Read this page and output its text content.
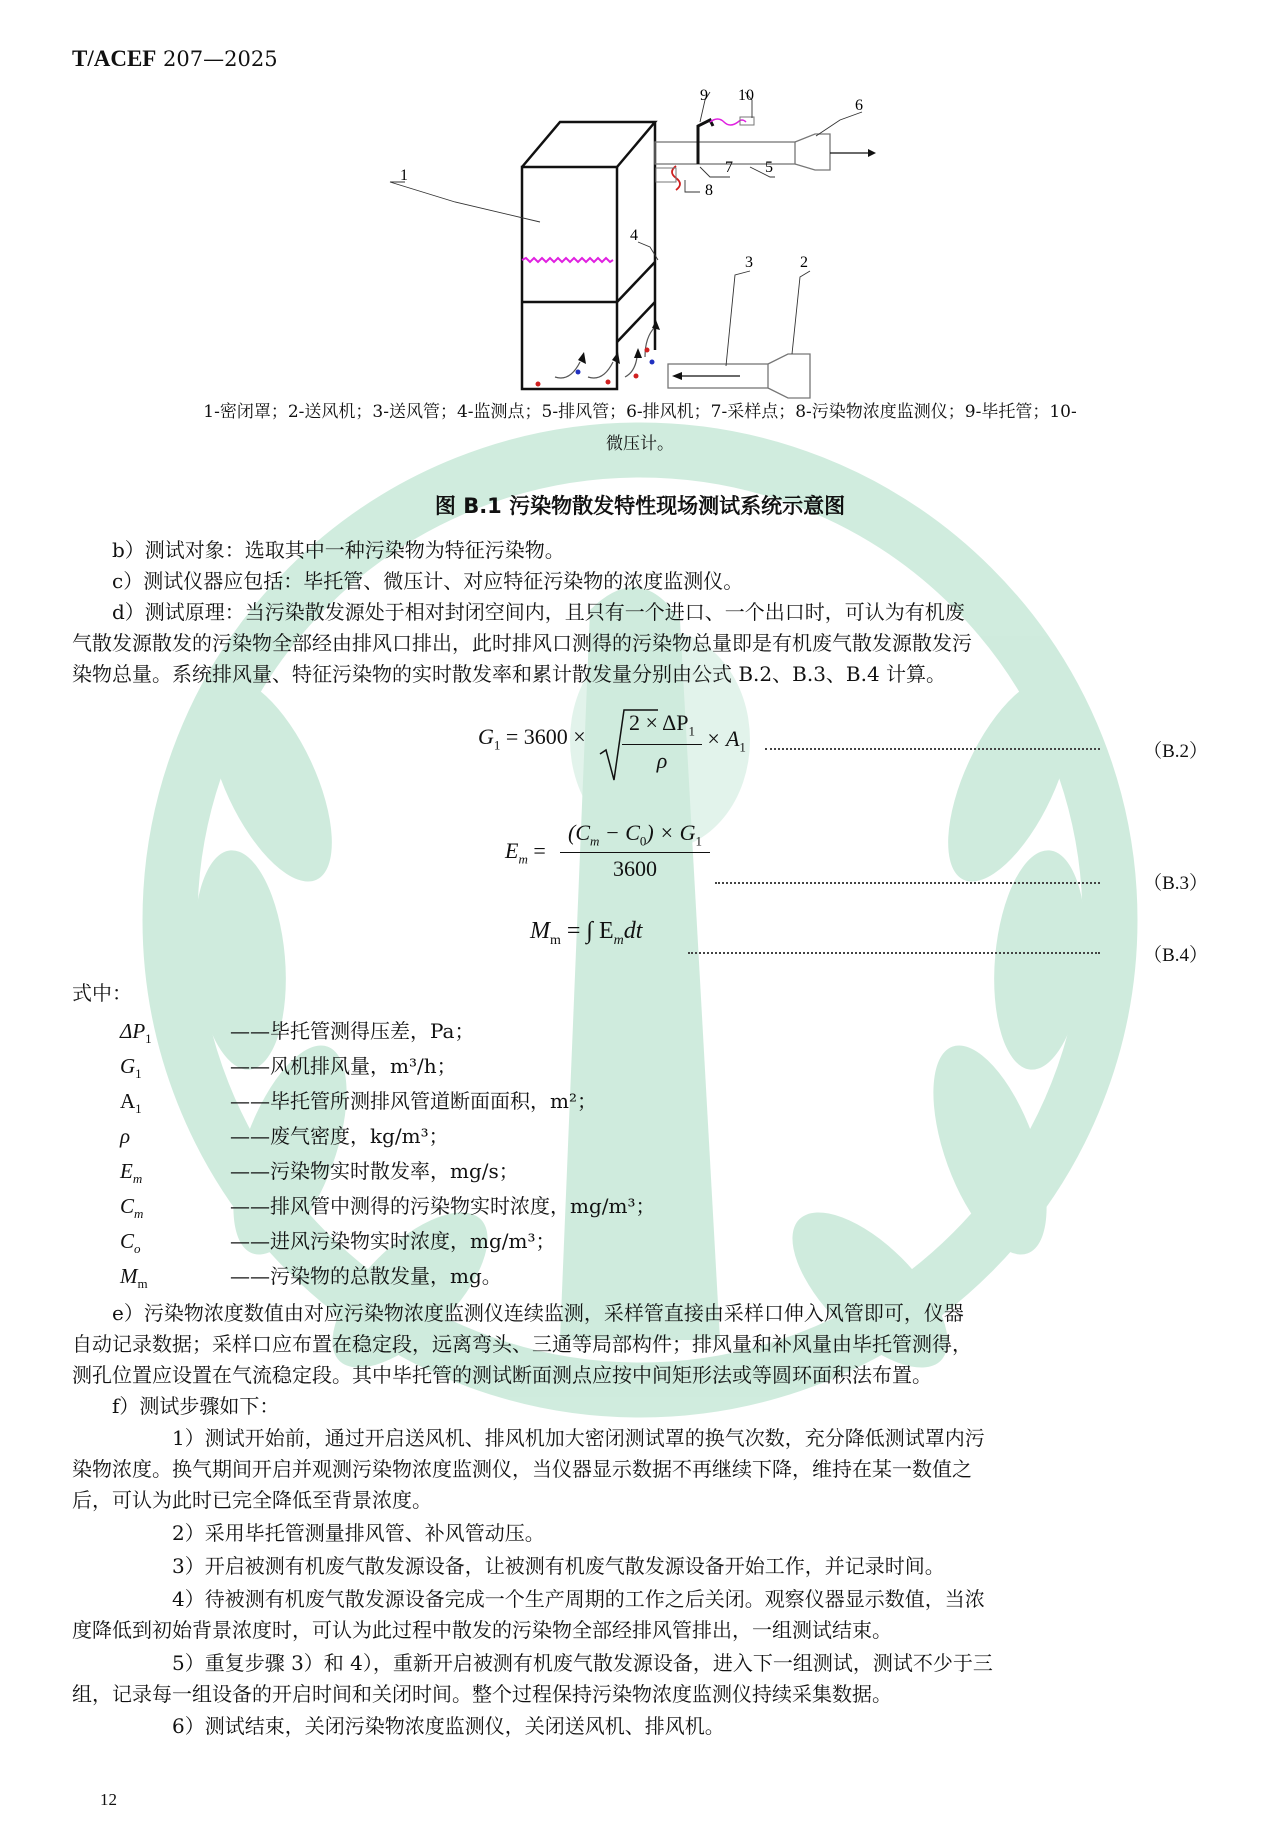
T/ACEF 207—2025
1
2
3
4
5
6
7
8
9 10
1-密闭罩；2-送风机；3-送风管；4-监测点；5-排风管；6-排风机；7-采样点；8-污染物浓度监测仪；9-毕托管；10-
微压计。
图 B.1 污染物散发特性现场测试系统示意图
b）测试对象：选取其中一种污染物为特征污染物。
c）测试仪器应包括：毕托管、微压计、对应特征污染物的浓度监测仪。
d）测试原理：当污染散发源处于相对封闭空间内，且只有一个进口、一个出口时，可认为有机废
气散发源散发的污染物全部经由排风口排出，此时排风口测得的污染物总量即是有机废气散发源散发污
染物总量。系统排风量、特征污染物的实时散发率和累计散发量分别由公式 B.2、B.3、B.4 计算。
$G_1 = 3600$ ×
$2 \times \Delta P_1$
ρ
× $A_1$	（B.2）
$E_m$ =
$(C_m - C_0) \times G_1$
3600
（B.3）
$M_m$ = ∫ $E_mdt$
（B.4）
式中：
$\Delta P_1$	——毕托管测得压差，Pa；
$G_1$	——风机排风量，m³/h；
$A_1$	——毕托管所测排风管道断面面积，m²；
ρ	——废气密度，kg/m³；
$E_m$	——污染物实时散发率，mg/s；
$C_m$	——排风管中测得的污染物实时浓度，mg/m³；
$C_o$	——进风污染物实时浓度，mg/m³；
$M_m$	——污染物的总散发量，mg。
e）污染物浓度数值由对应污染物浓度监测仪连续监测，采样管直接由采样口伸入风管即可，仪器
自动记录数据；采样口应布置在稳定段，远离弯头、三通等局部构件；排风量和补风量由毕托管测得，
测孔位置应设置在气流稳定段。其中毕托管的测试断面测点应按中间矩形法或等圆环面积法布置。
f）测试步骤如下：
1）测试开始前，通过开启送风机、排风机加大密闭测试罩的换气次数，充分降低测试罩内污
染物浓度。换气期间开启并观测污染物浓度监测仪，当仪器显示数据不再继续下降，维持在某一数值之
后，可认为此时已完全降低至背景浓度。
2）采用毕托管测量排风管、补风管动压。
3）开启被测有机废气散发源设备，让被测有机废气散发源设备开始工作，并记录时间。
4）待被测有机废气散发源设备完成一个生产周期的工作之后关闭。观察仪器显示数值，当浓
度降低到初始背景浓度时，可认为此过程中散发的污染物全部经排风管排出，一组测试结束。
5）重复步骤 3）和 4），重新开启被测有机废气散发源设备，进入下一组测试，测试不少于三
组，记录每一组设备的开启时间和关闭时间。整个过程保持污染物浓度监测仪持续采集数据。
6）测试结束，关闭污染物浓度监测仪，关闭送风机、排风机。
12
